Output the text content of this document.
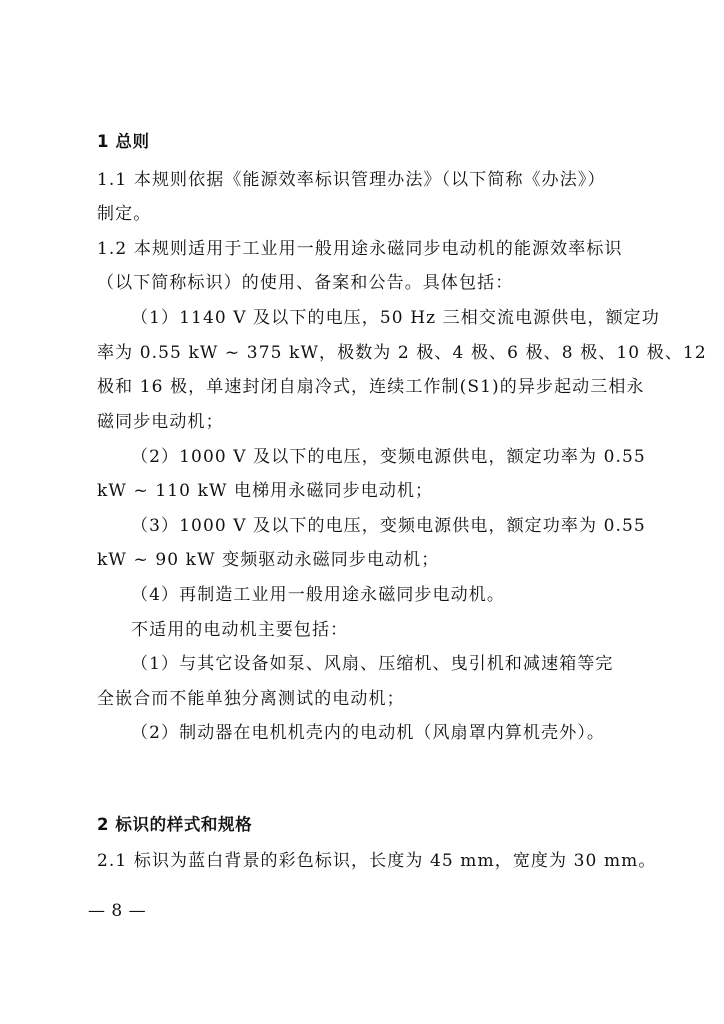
1 总则
1.1 本规则依据《能源效率标识管理办法》（以下简称《办法》）
制定。
1.2 本规则适用于工业用一般用途永磁同步电动机的能源效率标识
（以下简称标识）的使用、备案和公告。具体包括：
（1）1140 V 及以下的电压，50 Hz 三相交流电源供电，额定功
率为 0.55 kW ~ 375 kW，极数为 2 极、4 极、6 极、8 极、10 极、12
极和 16 极，单速封闭自扇冷式，连续工作制(S1)的异步起动三相永
磁同步电动机；
（2）1000 V 及以下的电压，变频电源供电，额定功率为 0.55
kW ~ 110 kW 电梯用永磁同步电动机；
（3）1000 V 及以下的电压，变频电源供电，额定功率为 0.55
kW ~ 90 kW 变频驱动永磁同步电动机；
（4）再制造工业用一般用途永磁同步电动机。
不适用的电动机主要包括：
（1）与其它设备如泵、风扇、压缩机、曳引机和减速箱等完
全嵌合而不能单独分离测试的电动机；
（2）制动器在电机机壳内的电动机（风扇罩内算机壳外）。
2 标识的样式和规格
2.1 标识为蓝白背景的彩色标识，长度为 45 mm，宽度为 30 mm。
— 8 —
